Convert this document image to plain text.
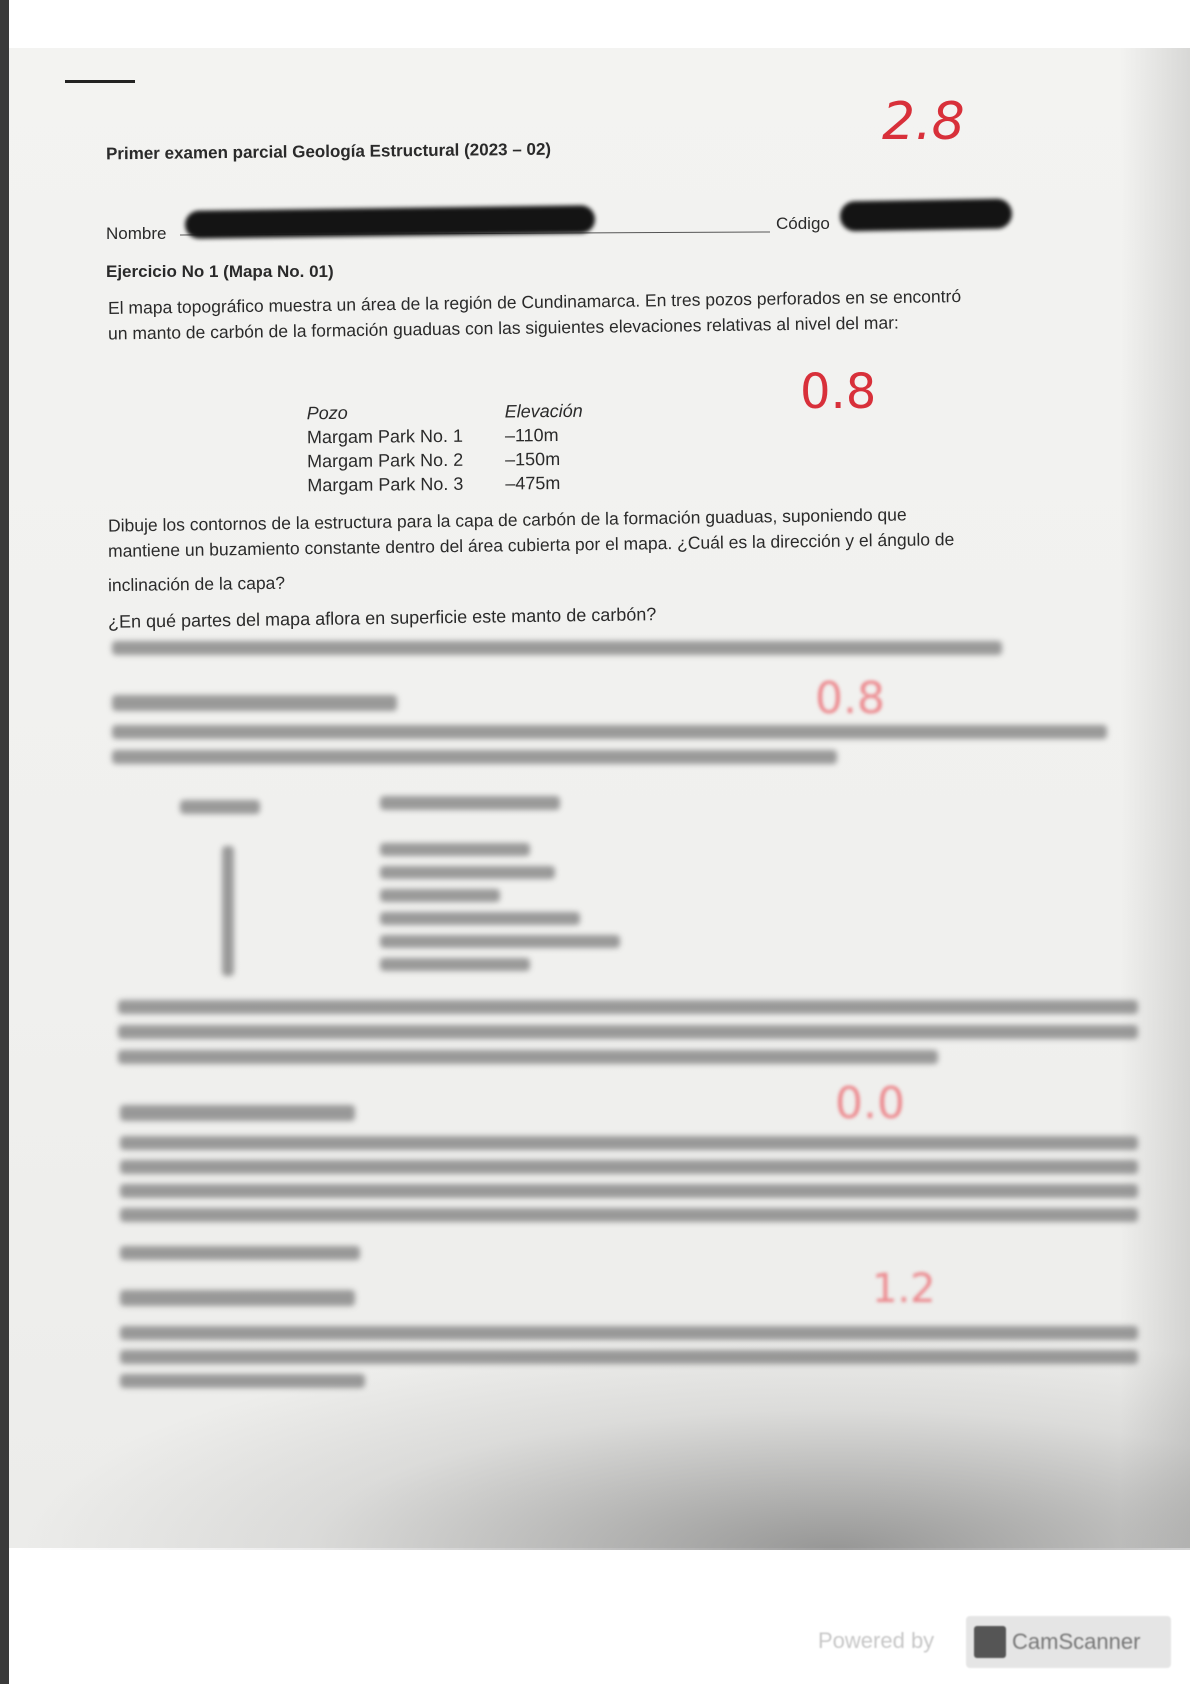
Primer examen parcial Geología Estructural (2023 – 02)	2.8
Nombre
Código
Ejercicio No 1 (Mapa No. 01)
El mapa topográfico muestra un área de la región de Cundinamarca. En tres pozos perforados en se encontró
un manto de carbón de la formación guaduas con las siguientes elevaciones relativas al nivel del mar:
0.8
Pozo	Elevación
Margam Park No. 1	–110m
Margam Park No. 2	–150m
Margam Park No. 3	–475m
Dibuje los contornos de la estructura para la capa de carbón de la formación guaduas, suponiendo que
mantiene un buzamiento constante dentro del área cubierta por el mapa. ¿Cuál es la dirección y el ángulo de
inclinación de la capa?
¿En qué partes del mapa aflora en superficie este manto de carbón?
0.8
0.0
1.2
Powered by	CamScanner
